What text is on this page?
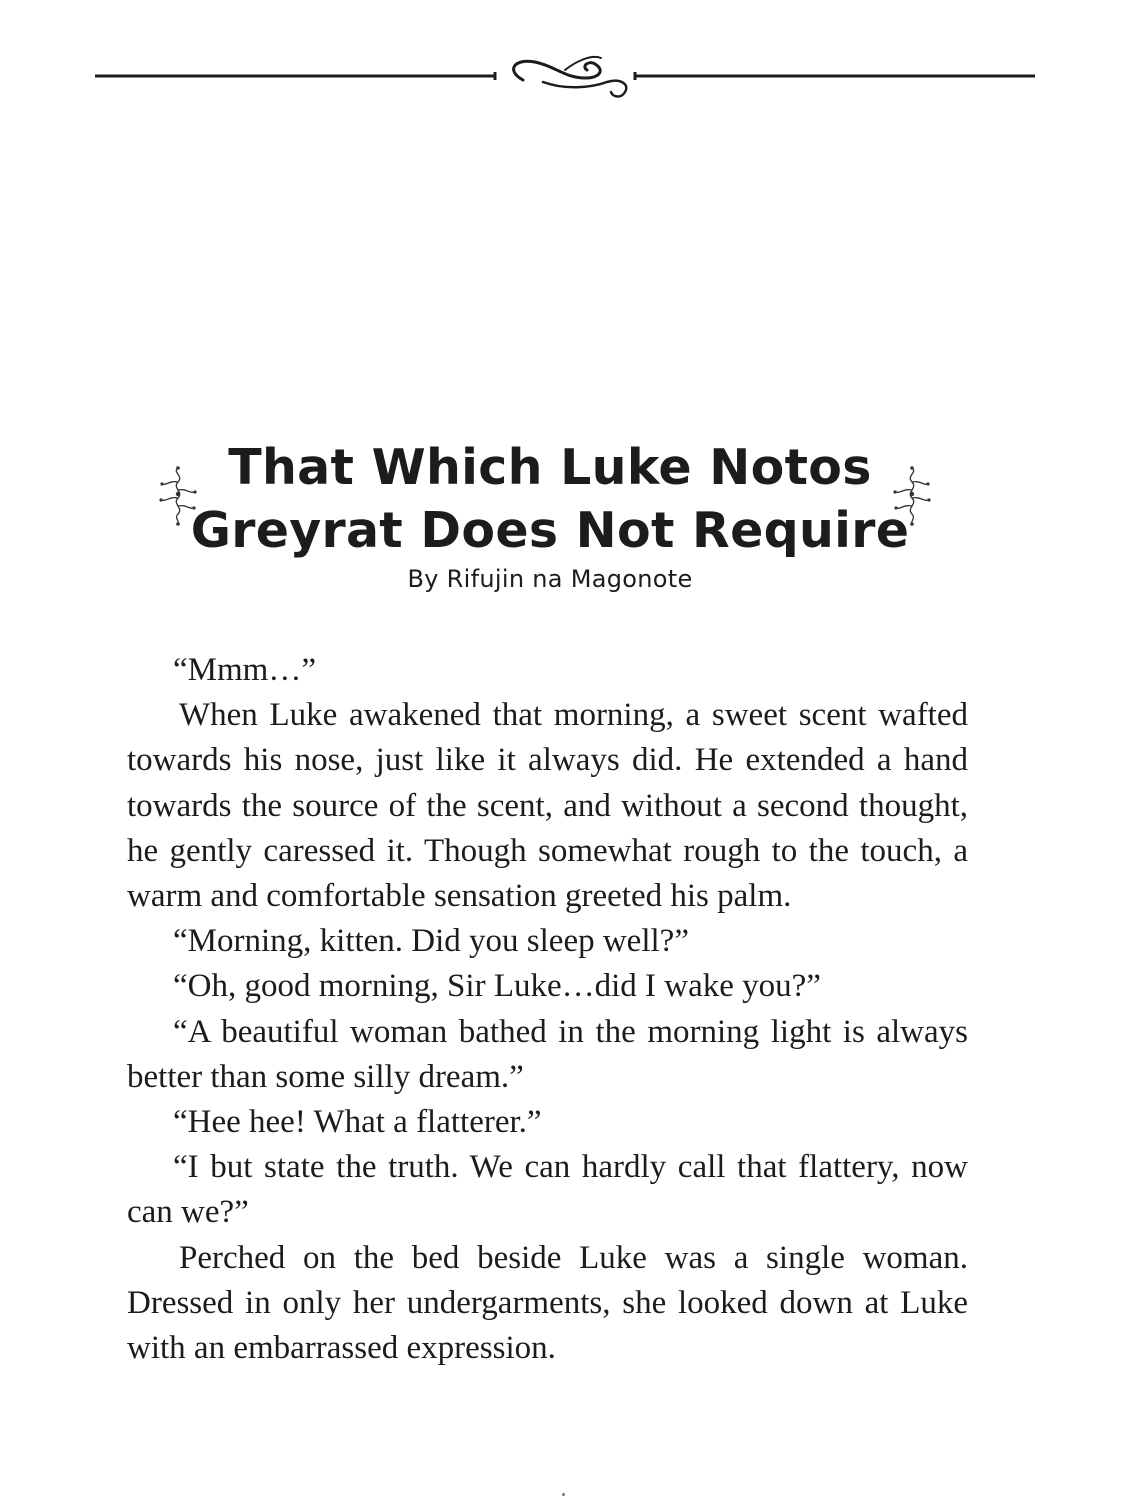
That Which Luke Notos
Greyrat Does Not Require
By Rifujin na Magonote

“Mmm…”

When Luke awakened that morning, a sweet scent wafted towards his nose, just like it always did. He extended a hand towards the source of the scent, and without a second thought, he gently caressed it. Though somewhat rough to the touch, a warm and comfortable sensation greeted his palm.

“Morning, kitten. Did you sleep well?”

“Oh, good morning, Sir Luke…did I wake you?”

“A beautiful woman bathed in the morning light is always better than some silly dream.”

“Hee hee! What a flatterer.”

“I but state the truth. We can hardly call that flattery, now can we?”

Perched on the bed beside Luke was a single woman. Dressed in only her undergarments, she looked down at Luke with an embarrassed expression.
